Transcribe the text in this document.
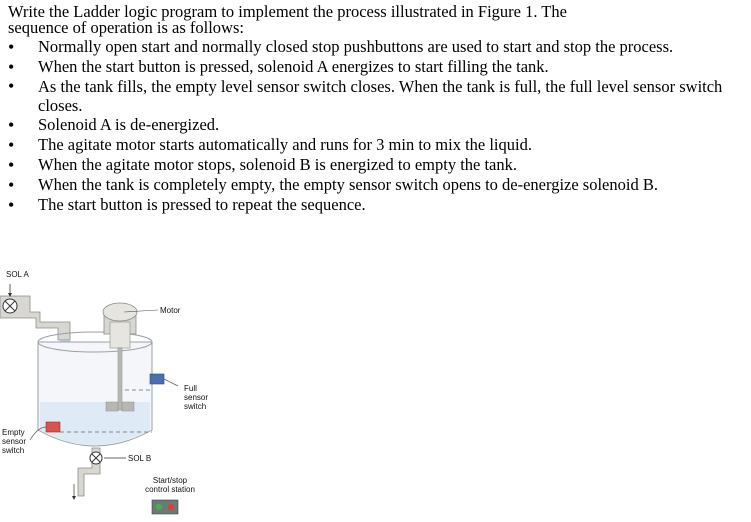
Write the Ladder logic program to implement the process illustrated in Figure 1. The
sequence of operation is as follows:

• Normally open start and normally closed stop pushbuttons are used to start and stop the process.
• When the start button is pressed, solenoid A energizes to start filling the tank.
• As the tank fills, the empty level sensor switch closes. When the tank is full, the full level sensor switch closes.
• Solenoid A is de-energized.
• The agitate motor starts automatically and runs for 3 min to mix the liquid.
• When the agitate motor stops, solenoid B is energized to empty the tank.
• When the tank is completely empty, the empty sensor switch opens to de-energize solenoid B.
• The start button is pressed to repeat the sequence.
SOL A
Motor
Full
sensor
switch
Empty
sensor
switch
SOL B
Start/stop
control station
